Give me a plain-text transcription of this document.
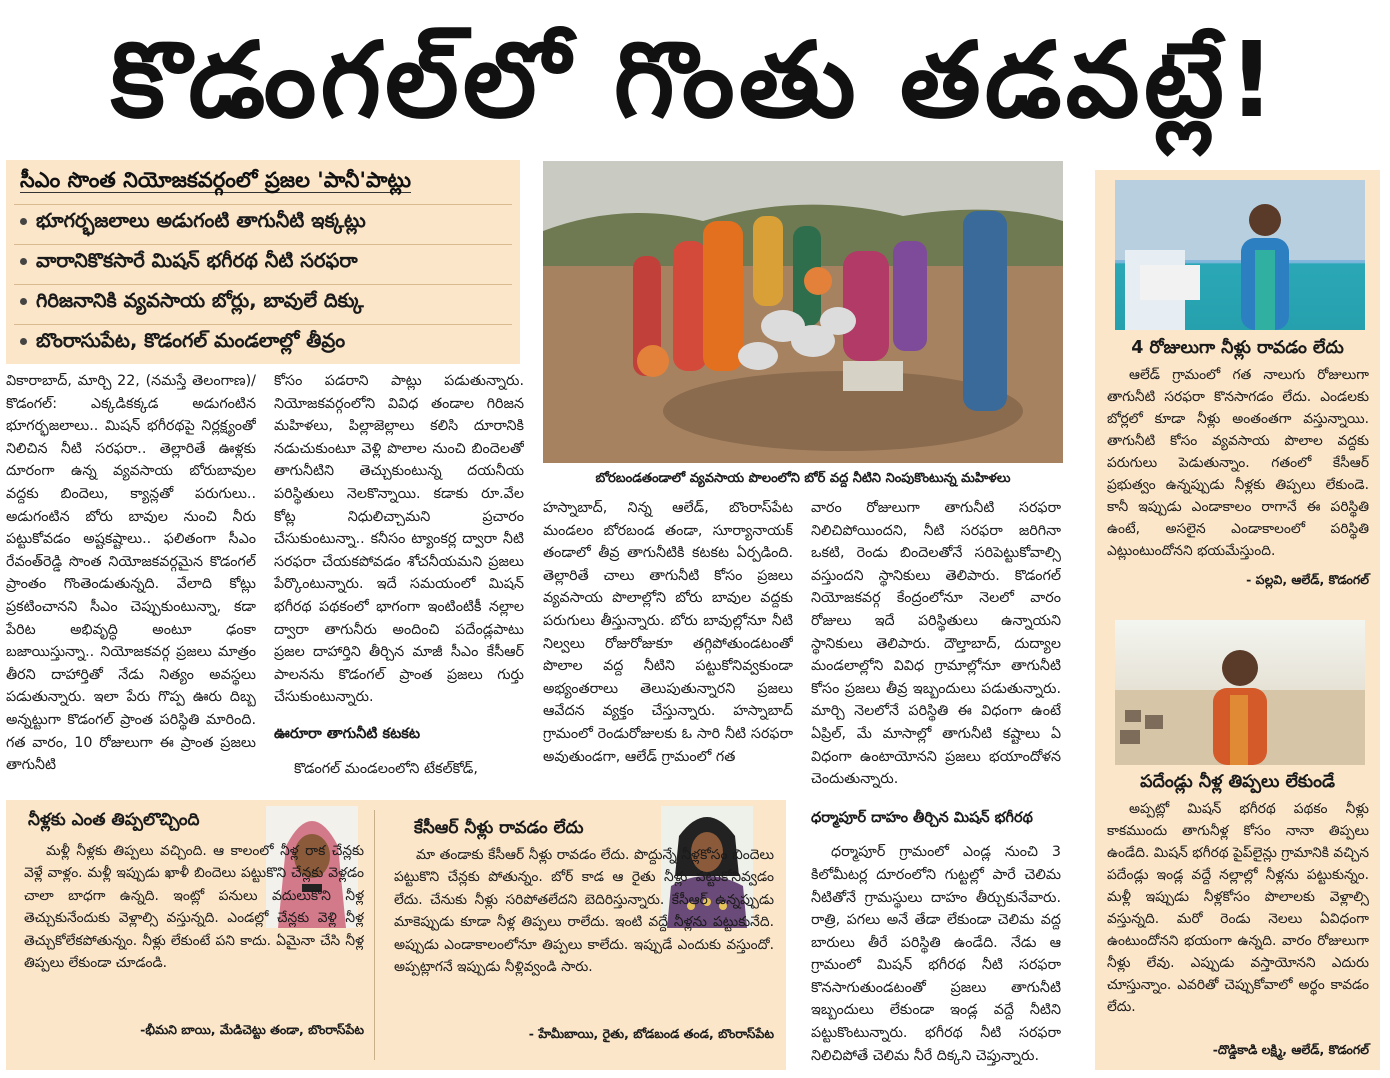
కొడంగల్‌లో గొంతు తడవట్లే!
సీఎం సొంత నియోజకవర్గంలో ప్రజల 'పానీ'పాట్లు
భూగర్భజలాలు అడుగంటి తాగునీటి ఇక్కట్లు
వారానికొకసారే మిషన్ భగీరథ నీటి సరఫరా
గిరిజనానికి వ్యవసాయ బోర్లు, బావులే దిక్కు
బొంరాసుపేట, కొడంగల్ మండలాల్లో తీవ్రం
బోరబండతండాలో వ్యవసాయ పొలంలోని బోర్ వద్ద నీటిని నింపుకొంటున్న మహిళలు

వికారాబాద్, మార్చి 22, (నమస్తే తెలంగాణ)/కొడంగల్: ఎక్కడికక్కడ అడుగంటిన భూగర్భజలాలు.. మిషన్ భగీరథపై నిర్లక్ష్యంతో నిలిచిన నీటి సరఫరా.. తెల్లారితే ఊళ్లకు దూరంగా ఉన్న వ్యవసాయ బోరుబావుల వద్దకు బిందెలు, క్యాన్లతో పరుగులు.. అడుగంటిన బోరు బావుల నుంచి నీరు పట్టుకోవడం అష్టకష్టాలు.. ఫలితంగా సీఎం రేవంత్‌రెడ్డి సొంత నియోజకవర్గమైన కొడంగల్ ప్రాంతం గొంతెండుతున్నది. వేలాది కోట్లు ప్రకటించానని సీఎం చెప్పుకుంటున్నా, కడా పేరిట అభివృద్ధి అంటూ ఢంకా బజాయిస్తున్నా.. నియోజకవర్గ ప్రజలు మాత్రం తీరని దాహార్తితో నేడు నిత్యం అవస్థలు పడుతున్నారు. ఇలా పేరు గొప్ప ఊరు దిబ్బ అన్నట్టుగా కొడంగల్ ప్రాంత పరిస్థితి మారింది. గత వారం, 10 రోజులుగా ఈ ప్రాంత ప్రజలు తాగునీటి

కోసం పడరాని పాట్లు పడుతున్నారు. నియోజకవర్గంలోని వివిధ తండాల గిరిజన మహిళలు, పిల్లాజెల్లాలు కలిసి దూరానికి నడుచుకుంటూ వెళ్లి పొలాల నుంచి బిందెలతో తాగునీటిని తెచ్చుకుంటున్న దయనీయ పరిస్థితులు నెలకొన్నాయి. కడాకు రూ.వేల కోట్ల నిధులిచ్చామని ప్రచారం చేసుకుంటున్నా.. కనీసం ట్యాంకర్ల ద్వారా నీటి సరఫరా చేయకపోవడం శోచనీయమని ప్రజలు పేర్కొంటున్నారు. ఇదే సమయంలో మిషన్ భగీరథ పథకంలో భాగంగా ఇంటింటికీ నల్లాల ద్వారా తాగునీరు అందించి పదేండ్లపాటు ప్రజల దాహార్తిని తీర్చిన మాజీ సీఎం కేసీఆర్ పాలనను కొడంగల్ ప్రాంత ప్రజలు గుర్తు చేసుకుంటున్నారు.

ఊరూరా తాగునీటి కటకట

కొడంగల్ మండలంలోని టేకల్‌కోడ్,

హస్నాబాద్, నిన్న ఆలేడ్, బొంరాస్‌పేట మండలం బోరబండ తండా, సూర్యానాయక్ తండాలో తీవ్ర తాగునీటికి కటకట ఏర్పడింది. తెల్లారితే చాలు తాగునీటి కోసం ప్రజలు వ్యవసాయ పొలాల్లోని బోరు బావుల వద్దకు పరుగులు తీస్తున్నారు. బోరు బావుల్లోనూ నీటి నిల్వలు రోజురోజుకూ తగ్గిపోతుండటంతో పొలాల వద్ద నీటిని పట్టుకోనివ్వకుండా అభ్యంతరాలు తెలుపుతున్నారని ప్రజలు ఆవేదన వ్యక్తం చేస్తున్నారు. హస్నాబాద్ గ్రామంలో రెండురోజులకు ఓ సారి నీటి సరఫరా అవుతుండగా, ఆలేడ్ గ్రామంలో గత

వారం రోజులుగా తాగునీటి సరఫరా నిలిచిపోయిందని, నీటి సరఫరా జరిగినా ఒకటి, రెండు బిందెలతోనే సరిపెట్టుకోవాల్సి వస్తుందని స్థానికులు తెలిపారు. కొడంగల్ నియోజకవర్గ కేంద్రంలోనూ నెలలో వారం రోజులు ఇదే పరిస్థితులు ఉన్నాయని స్థానికులు తెలిపారు. దౌల్తాబాద్, దుద్యాల మండలాల్లోని వివిధ గ్రామాల్లోనూ తాగునీటి కోసం ప్రజలు తీవ్ర ఇబ్బందులు పడుతున్నారు. మార్చి నెలలోనే పరిస్థితి ఈ విధంగా ఉంటే ఏప్రిల్, మే మాసాల్లో తాగునీటి కష్టాలు ఏ విధంగా ఉంటాయోనని ప్రజలు భయాందోళన చెందుతున్నారు.

ధర్మాపూర్ దాహం తీర్చిన మిషన్ భగీరథ

ధర్మాపూర్ గ్రామంలో ఎండ్ల నుంచి 3 కిలోమీటర్ల దూరంలోని గుట్టల్లో పారే చెలిమ నీటితోనే గ్రామస్థులు దాహం తీర్చుకునేవారు. రాత్రి, పగలు అనే తేడా లేకుండా చెలిమ వద్ద బారులు తీరే పరిస్థితి ఉండేది. నేడు ఆ గ్రామంలో మిషన్ భగీరథ నీటి సరఫరా కొనసాగుతుండటంతో ప్రజలు తాగునీటి ఇబ్బందులు లేకుండా ఇండ్ల వద్దే నీటిని పట్టుకొంటున్నారు. భగీరథ నీటి సరఫరా నిలిచిపోతే చెలిమ నీరే దిక్కని చెప్తున్నారు.

4 రోజులుగా నీళ్లు రావడం లేదు
ఆలేడ్ గ్రామంలో గత నాలుగు రోజులుగా తాగునీటి సరఫరా కొనసాగడం లేదు. ఎండలకు బోర్లలో కూడా నీళ్లు అంతంతగా వస్తున్నాయి. తాగునీటి కోసం వ్యవసాయ పొలాల వద్దకు పరుగులు పెడుతున్నాం. గతంలో కేసీఆర్ ప్రభుత్వం ఉన్నప్పుడు నీళ్లకు తిప్పలు లేకుండె. కానీ ఇప్పుడు ఎండాకాలం రాగానే ఈ పరిస్థితి ఉంటే, అసలైన ఎండాకాలంలో పరిస్థితి ఎట్లుంటుందోనని భయమేస్తుంది.
- పల్లవి, ఆలేడ్, కొడంగల్
పదేండ్లు నీళ్ల తిప్పలు లేకుండే
అప్పట్లో మిషన్ భగీరథ పథకం నీళ్లు కాకముందు తాగునీళ్ల కోసం నానా తిప్పలు ఉండేది. మిషన్ భగీరథ పైప్‌లైన్లు గ్రామానికి వచ్చిన పదేండ్లు ఇండ్ల వద్దే నల్లాల్లో నీళ్లను పట్టుకున్నం. మళ్లీ ఇప్పుడు నీళ్లకోసం పొలాలకు వెళ్లాల్సి వస్తున్నది. మరో రెండు నెలలు ఏవిధంగా ఉంటుందోనని భయంగా ఉన్నది. వారం రోజులుగా నీళ్లు లేవు. ఎప్పుడు వస్తాయోనని ఎదురు చూస్తున్నాం. ఎవరితో చెప్పుకోవాలో అర్థం కావడం లేదు.
-దొడ్డికాడి లక్ష్మి, ఆలేడ్, కొడంగల్
నీళ్లకు ఎంత తిప్పలొచ్చింది
మళ్లీ నీళ్లకు తిప్పలు వచ్చింది. ఆ కాలంలో నీళ్ల రాక చేన్లకు వెళ్లే వాళ్లం. మళ్లీ ఇప్పుడు ఖాళీ బిందెలు పట్టుకొని చేన్లకు వెళ్లడం చాలా బాధగా ఉన్నది. ఇంట్లో పనులు వదులుకొని నీళ్ల తెచ్చుకునేందుకు వెళ్లాల్సి వస్తున్నది. ఎండల్లో చేన్లకు వెళ్లి నీళ్ల తెచ్చుకోలేకపోతున్నం. నీళ్లు లేకుంటే పని కాదు. ఏమైనా చేసి నీళ్ల తిప్పలు లేకుండా చూడండి.
-భీమని బాయి, మేడిచెట్టు తండా, బొంరాస్‌పేట
కేసీఆర్ నీళ్లు రావడం లేదు
మా తండాకు కేసీఆర్ నీళ్లు రావడం లేదు. పొద్దున్నే నీళ్లకోసం బిందెలు పట్టుకొని చేన్లకు పోతున్నం. బోర్ కాడ ఆ రైతు నీళ్లు పట్టుకోనివ్వడం లేదు. చేనుకు నీళ్లు సరిపోతలేదని బెదిరిస్తున్నారు. కేసీఆర్ ఉన్నప్పుడు మాకెప్పుడు కూడా నీళ్ల తిప్పలు రాలేదు. ఇంటి వద్దే నీళ్లను పట్టుకునేది. అప్పుడు ఎండాకాలంలోనూ తిప్పలు కాలేదు. ఇప్పుడే ఎందుకు వస్తుందో. అప్పట్లాగనే ఇప్పుడు నీళ్లివ్వండి సారు.
- హేమీబాయి, రైతు, బోడబండ తండ, బొంరాస్‌పేట
